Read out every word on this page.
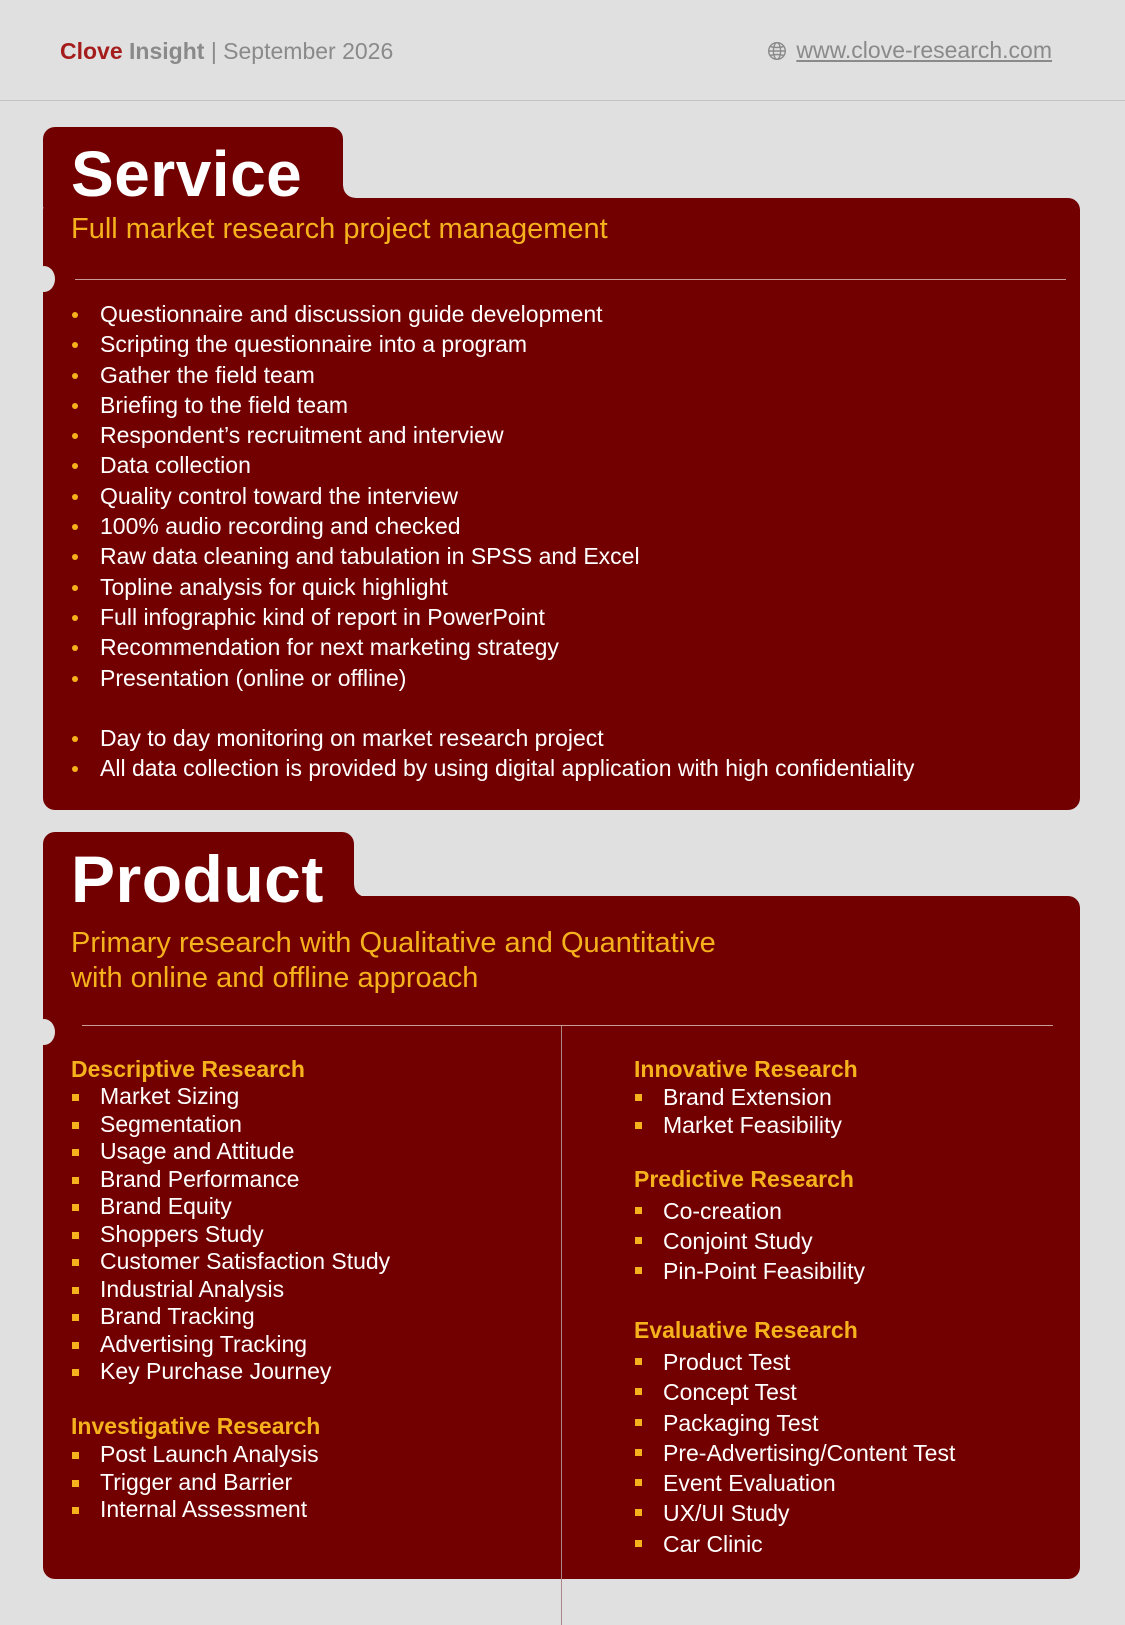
Clove Insight | September 2026	www.clove-research.com
Service
Full market research project management
Questionnaire and discussion guide development
Scripting the questionnaire into a program
Gather the field team
Briefing to the field team
Respondent’s recruitment and interview
Data collection
Quality control toward the interview
100% audio recording and checked
Raw data cleaning and tabulation in SPSS and Excel
Topline analysis for quick highlight
Full infographic kind of report in PowerPoint
Recommendation for next marketing strategy
Presentation (online or offline)
Day to day monitoring on market research project
All data collection is provided by using digital application with high confidentiality
Product
Primary research with Qualitative and Quantitative
with online and offline approach
Descriptive Research
Market Sizing
Segmentation
Usage and Attitude
Brand Performance
Brand Equity
Shoppers Study
Customer Satisfaction Study
Industrial Analysis
Brand Tracking
Advertising Tracking
Key Purchase Journey
Investigative Research
Post Launch Analysis
Trigger and Barrier
Internal Assessment
Innovative Research
Brand Extension
Market Feasibility
Predictive Research
Co-creation
Conjoint Study
Pin-Point Feasibility
Evaluative Research
Product Test
Concept Test
Packaging Test
Pre-Advertising/Content Test
Event Evaluation
UX/UI Study
Car Clinic
